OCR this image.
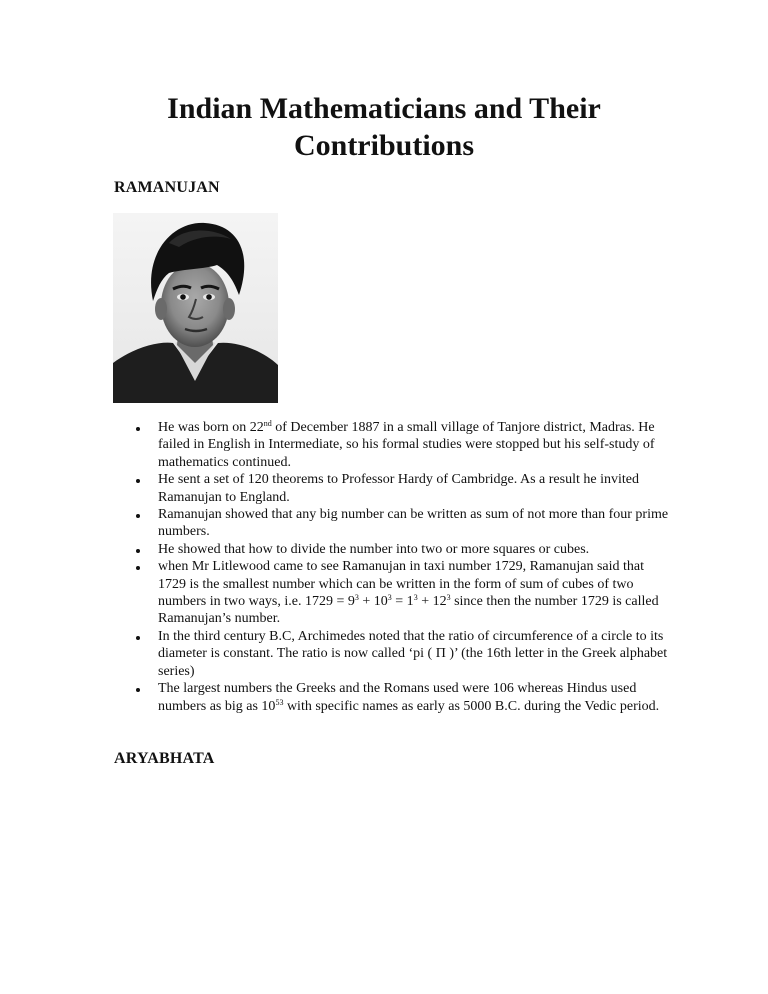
Indian Mathematicians and Their Contributions
RAMANUJAN
He was born on 22nd of December 1887 in a small village of Tanjore district, Madras. He failed in English in Intermediate, so his formal studies were stopped but his self-study of mathematics continued.
He sent a set of 120 theorems to Professor Hardy of Cambridge. As a result he invited Ramanujan to England.
Ramanujan showed that any big number can be written as sum of not more than four prime numbers.
He showed that how to divide the number into two or more squares or cubes.
when Mr Litlewood came to see Ramanujan in taxi number 1729, Ramanujan said that 1729 is the smallest number which can be written in the form of sum of cubes of two numbers in two ways, i.e. $1729 = 9^3 + 10^3 = 1^3 + 12^3$ since then the number 1729 is called Ramanujan’s number.
In the third century B.C, Archimedes noted that the ratio of circumference of a circle to its diameter is constant. The ratio is now called ‘pi ( Π )’ (the 16th letter in the Greek alphabet series)
The largest numbers the Greeks and the Romans used were 106 whereas Hindus used numbers as big as $10^{53}$ with specific names as early as 5000 B.C. during the Vedic period.
ARYABHATA
